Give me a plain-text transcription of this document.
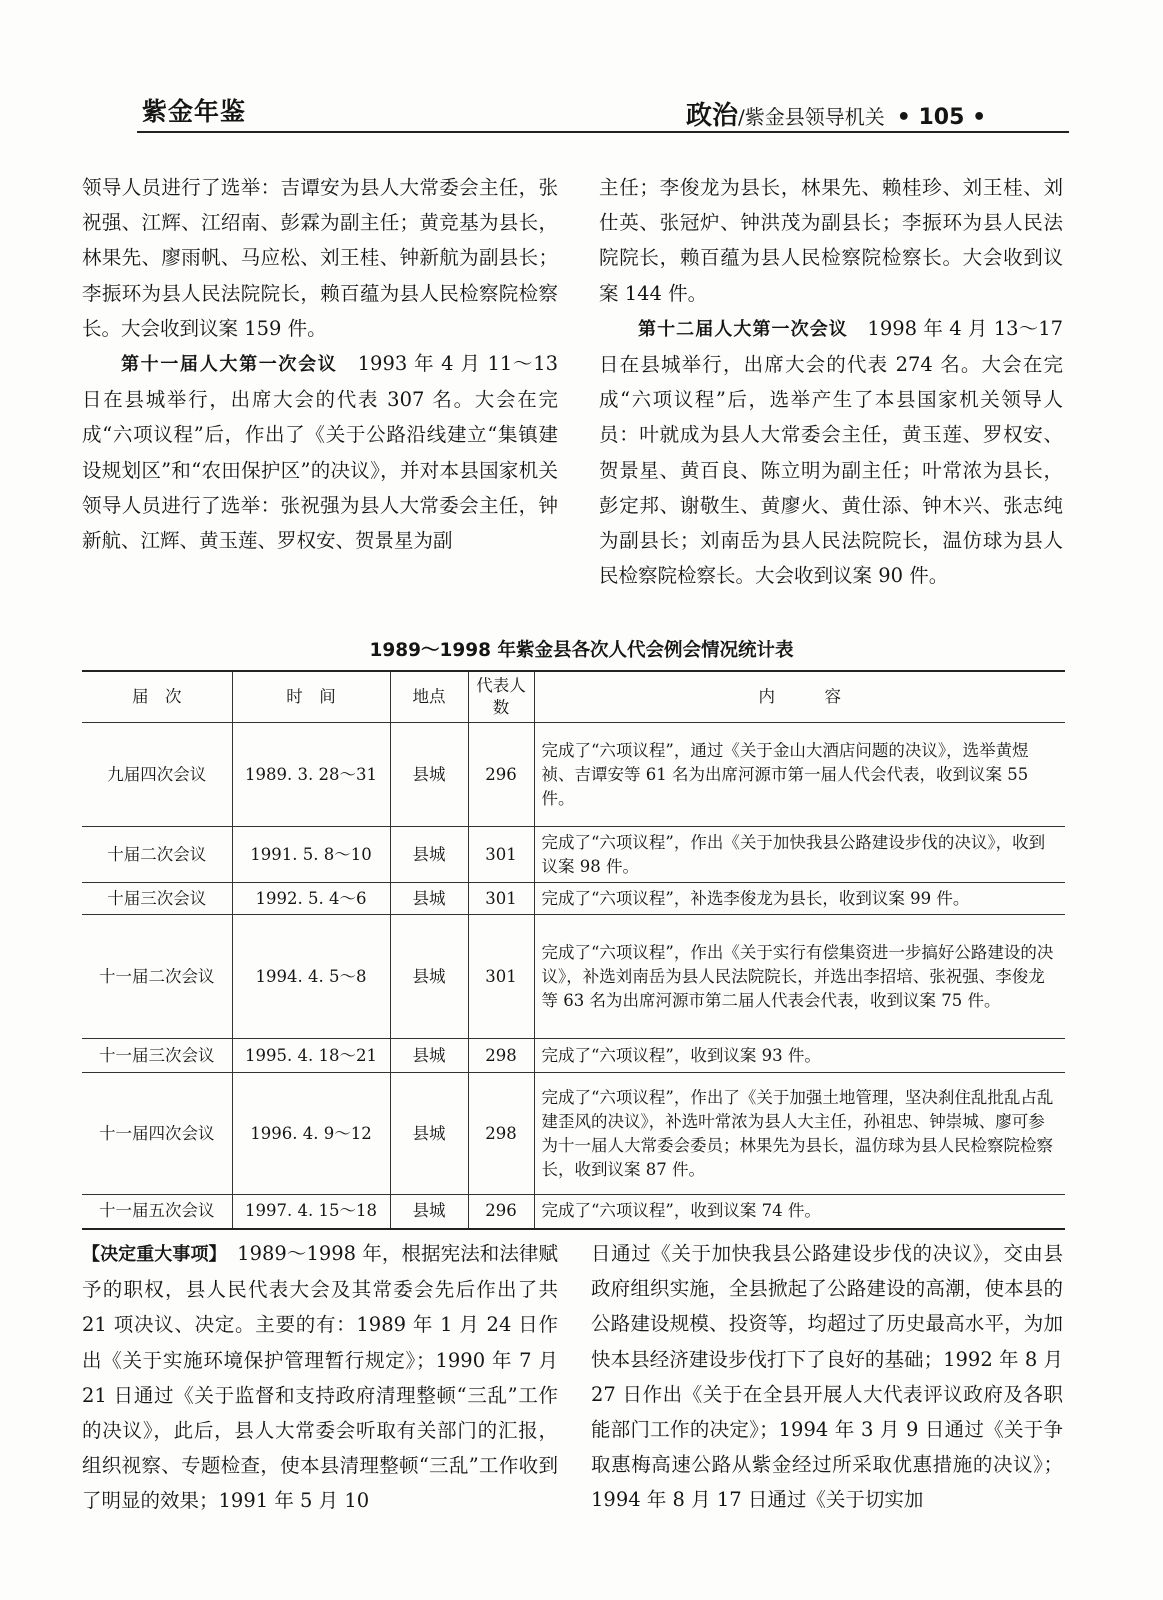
紫金年鉴	政治/紫金县领导机关 • 105 •

领导人员进行了选举：吉谭安为县人大常委会主任，张祝强、江辉、江绍南、彭霖为副主任；黄竞基为县长，林果先、廖雨帆、马应松、刘王桂、钟新航为副县长；李振环为县人民法院院长，赖百蕴为县人民检察院检察长。大会收到议案 159 件。

第十一届人大第一次会议　1993 年 4 月 11～13 日在县城举行，出席大会的代表 307 名。大会在完成“六项议程”后，作出了《关于公路沿线建立“集镇建设规划区”和“农田保护区”的决议》，并对本县国家机关领导人员进行了选举：张祝强为县人大常委会主任，钟新航、江辉、黄玉莲、罗权安、贺景星为副

主任；李俊龙为县长，林果先、赖桂珍、刘王桂、刘仕英、张冠炉、钟洪茂为副县长；李振环为县人民法院院长，赖百蕴为县人民检察院检察长。大会收到议案 144 件。

第十二届人大第一次会议　1998 年 4 月 13～17 日在县城举行，出席大会的代表 274 名。大会在完成“六项议程”后，选举产生了本县国家机关领导人员：叶就成为县人大常委会主任，黄玉莲、罗权安、贺景星、黄百良、陈立明为副主任；叶常浓为县长，彭定邦、谢敬生、黄廖火、黄仕添、钟木兴、张志纯为副县长；刘南岳为县人民法院院长，温仿球为县人民检察院检察长。大会收到议案 90 件。

1989～1998 年紫金县各次人代会例会情况统计表
届　次	时　间	地点	代表人数	内　　　容
九届四次会议	1989. 3. 28～31	县城	296	完成了“六项议程”，通过《关于金山大酒店问题的决议》，选举黄煜祯、吉谭安等 61 名为出席河源市第一届人代会代表，收到议案 55 件。
十届二次会议	1991. 5. 8～10	县城	301	完成了“六项议程”，作出《关于加快我县公路建设步伐的决议》，收到议案 98 件。
十届三次会议	1992. 5. 4～6	县城	301	完成了“六项议程”，补选李俊龙为县长，收到议案 99 件。
十一届二次会议	1994. 4. 5～8	县城	301	完成了“六项议程”，作出《关于实行有偿集资进一步搞好公路建设的决议》，补选刘南岳为县人民法院院长，并选出李招培、张祝强、李俊龙等 63 名为出席河源市第二届人代表会代表，收到议案 75 件。
十一届三次会议	1995. 4. 18～21	县城	298	完成了“六项议程”，收到议案 93 件。
十一届四次会议	1996. 4. 9～12	县城	298	完成了“六项议程”，作出了《关于加强土地管理，坚决刹住乱批乱占乱建歪风的决议》，补选叶常浓为县人大主任，孙祖忠、钟崇城、廖可参为十一届人大常委会委员；林果先为县长，温仿球为县人民检察院检察长，收到议案 87 件。
十一届五次会议	1997. 4. 15～18	县城	296	完成了“六项议程”，收到议案 74 件。

【决定重大事项】　1989～1998 年，根据宪法和法律赋予的职权，县人民代表大会及其常委会先后作出了共 21 项决议、决定。主要的有：1989 年 1 月 24 日作出《关于实施环境保护管理暂行规定》；1990 年 7 月 21 日通过《关于监督和支持政府清理整顿“三乱”工作的决议》，此后，县人大常委会听取有关部门的汇报，组织视察、专题检查，使本县清理整顿“三乱”工作收到了明显的效果；1991 年 5 月 10

日通过《关于加快我县公路建设步伐的决议》，交由县政府组织实施，全县掀起了公路建设的高潮，使本县的公路建设规模、投资等，均超过了历史最高水平，为加快本县经济建设步伐打下了良好的基础；1992 年 8 月 27 日作出《关于在全县开展人大代表评议政府及各职能部门工作的决定》；1994 年 3 月 9 日通过《关于争取惠梅高速公路从紫金经过所采取优惠措施的决议》；1994 年 8 月 17 日通过《关于切实加
